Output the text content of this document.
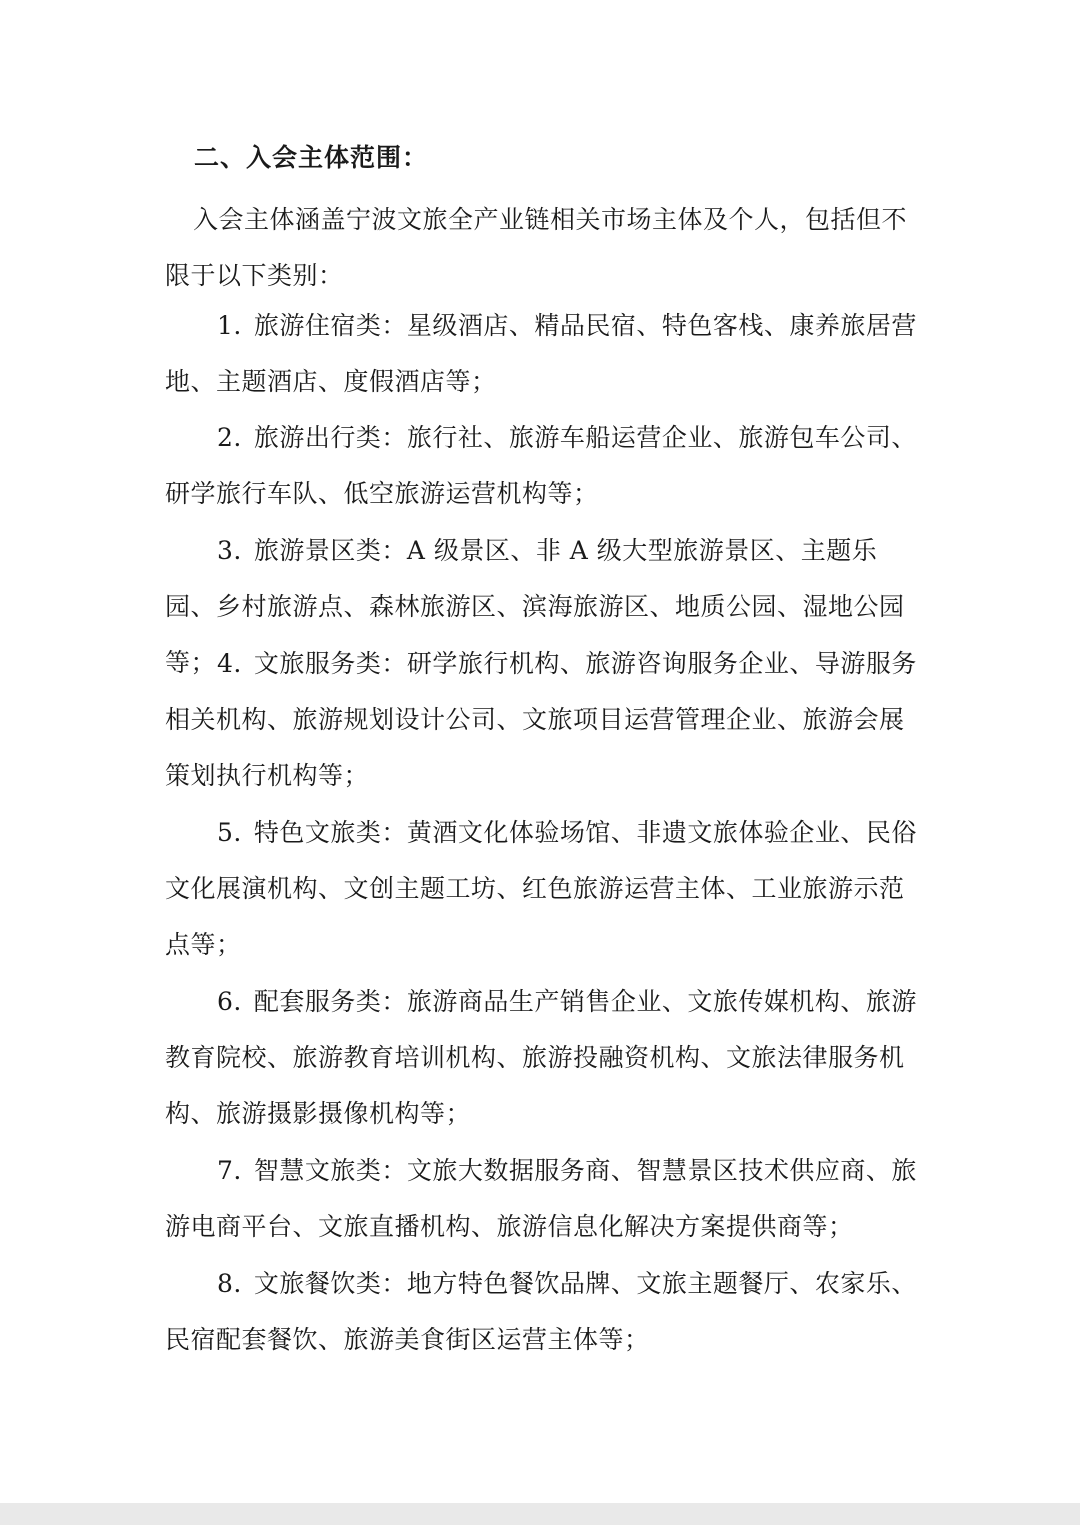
二、入会主体范围：

入会主体涵盖宁波文旅全产业链相关市场主体及个人，包括但不限于以下类别：

1. 旅游住宿类：星级酒店、精品民宿、特色客栈、康养旅居营地、主题酒店、度假酒店等；

2. 旅游出行类：旅行社、旅游车船运营企业、旅游包车公司、研学旅行车队、低空旅游运营机构等；

3. 旅游景区类：A 级景区、非 A 级大型旅游景区、主题乐园、乡村旅游点、森林旅游区、滨海旅游区、地质公园、湿地公园等； 4. 文旅服务类：研学旅行机构、旅游咨询服务企业、导游服务相关机构、旅游规划设计公司、文旅项目运营管理企业、旅游会展策划执行机构等；

5. 特色文旅类：黄酒文化体验场馆、非遗文旅体验企业、民俗文化展演机构、文创主题工坊、红色旅游运营主体、工业旅游示范点等；

6. 配套服务类：旅游商品生产销售企业、文旅传媒机构、旅游教育院校、旅游教育培训机构、旅游投融资机构、文旅法律服务机构、旅游摄影摄像机构等；

7. 智慧文旅类：文旅大数据服务商、智慧景区技术供应商、旅游电商平台、文旅直播机构、旅游信息化解决方案提供商等；

8. 文旅餐饮类：地方特色餐饮品牌、文旅主题餐厅、农家乐、民宿配套餐饮、旅游美食街区运营主体等；
